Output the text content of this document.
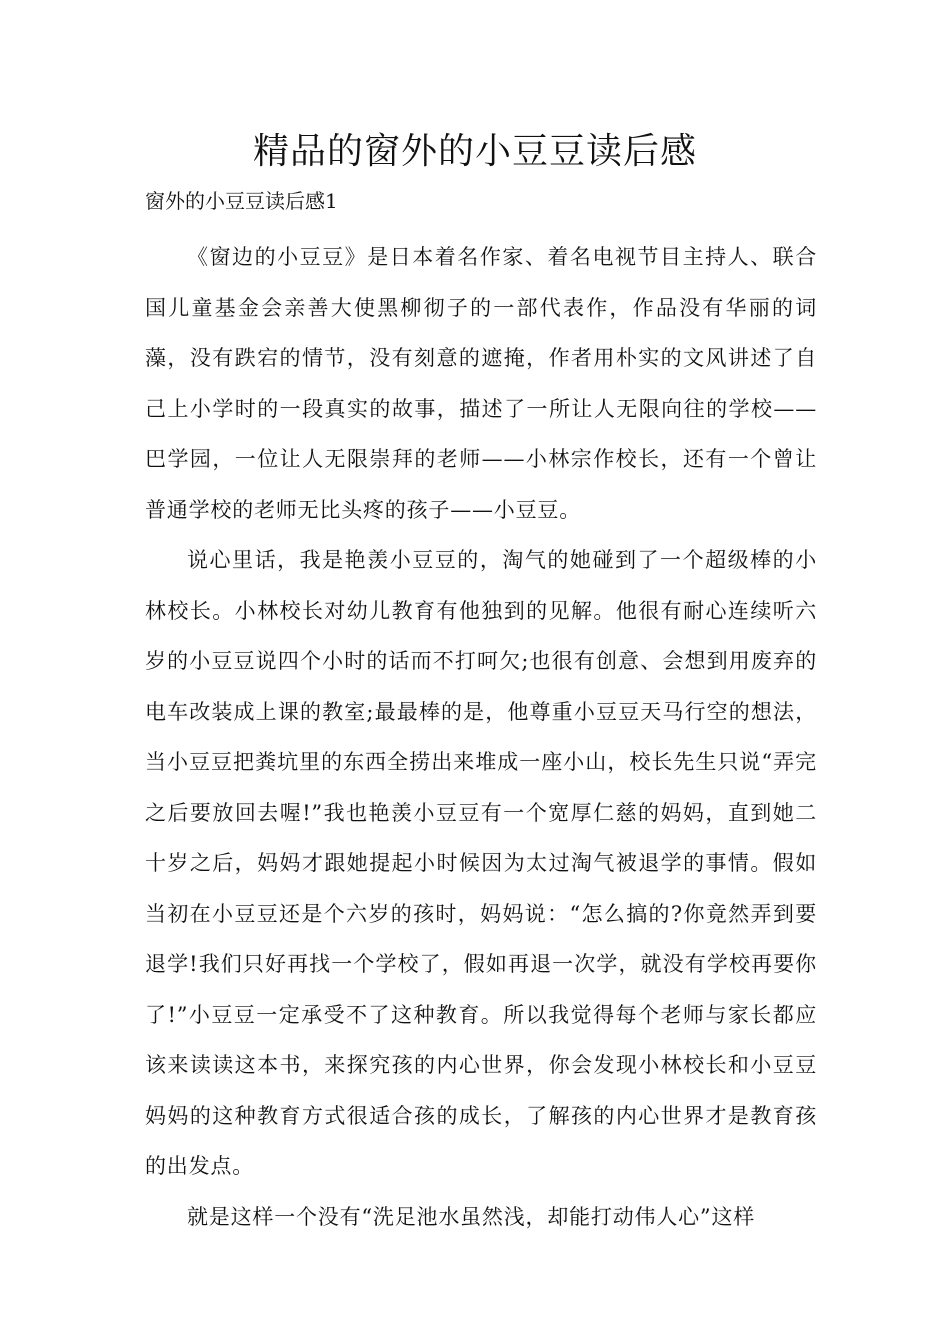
精品的窗外的小豆豆读后感

窗外的小豆豆读后感1

《窗边的小豆豆》是日本着名作家、着名电视节目主持人、联合国儿童基金会亲善大使黑柳彻子的一部代表作，作品没有华丽的词藻，没有跌宕的情节，没有刻意的遮掩，作者用朴实的文风讲述了自己上小学时的一段真实的故事，描述了一所让人无限向往的学校——巴学园，一位让人无限崇拜的老师——小林宗作校长，还有一个曾让普通学校的老师无比头疼的孩子——小豆豆。

说心里话，我是艳羡小豆豆的，淘气的她碰到了一个超级棒的小林校长。小林校长对幼儿教育有他独到的见解。他很有耐心连续听六岁的小豆豆说四个小时的话而不打呵欠;也很有创意、会想到用废弃的电车改装成上课的教室;最最棒的是，他尊重小豆豆天马行空的想法，当小豆豆把粪坑里的东西全捞出来堆成一座小山，校长先生只说“弄完之后要放回去喔!”我也艳羡小豆豆有一个宽厚仁慈的妈妈，直到她二十岁之后，妈妈才跟她提起小时候因为太过淘气被退学的事情。假如当初在小豆豆还是个六岁的孩时，妈妈说：“怎么搞的?你竟然弄到要退学!我们只好再找一个学校了，假如再退一次学，就没有学校再要你了!”小豆豆一定承受不了这种教育。所以我觉得每个老师与家长都应该来读读这本书，来探究孩的内心世界，你会发现小林校长和小豆豆妈妈的这种教育方式很适合孩的成长，了解孩的内心世界才是教育孩的出发点。

就是这样一个没有“洗足池水虽然浅，却能打动伟人心”这样
